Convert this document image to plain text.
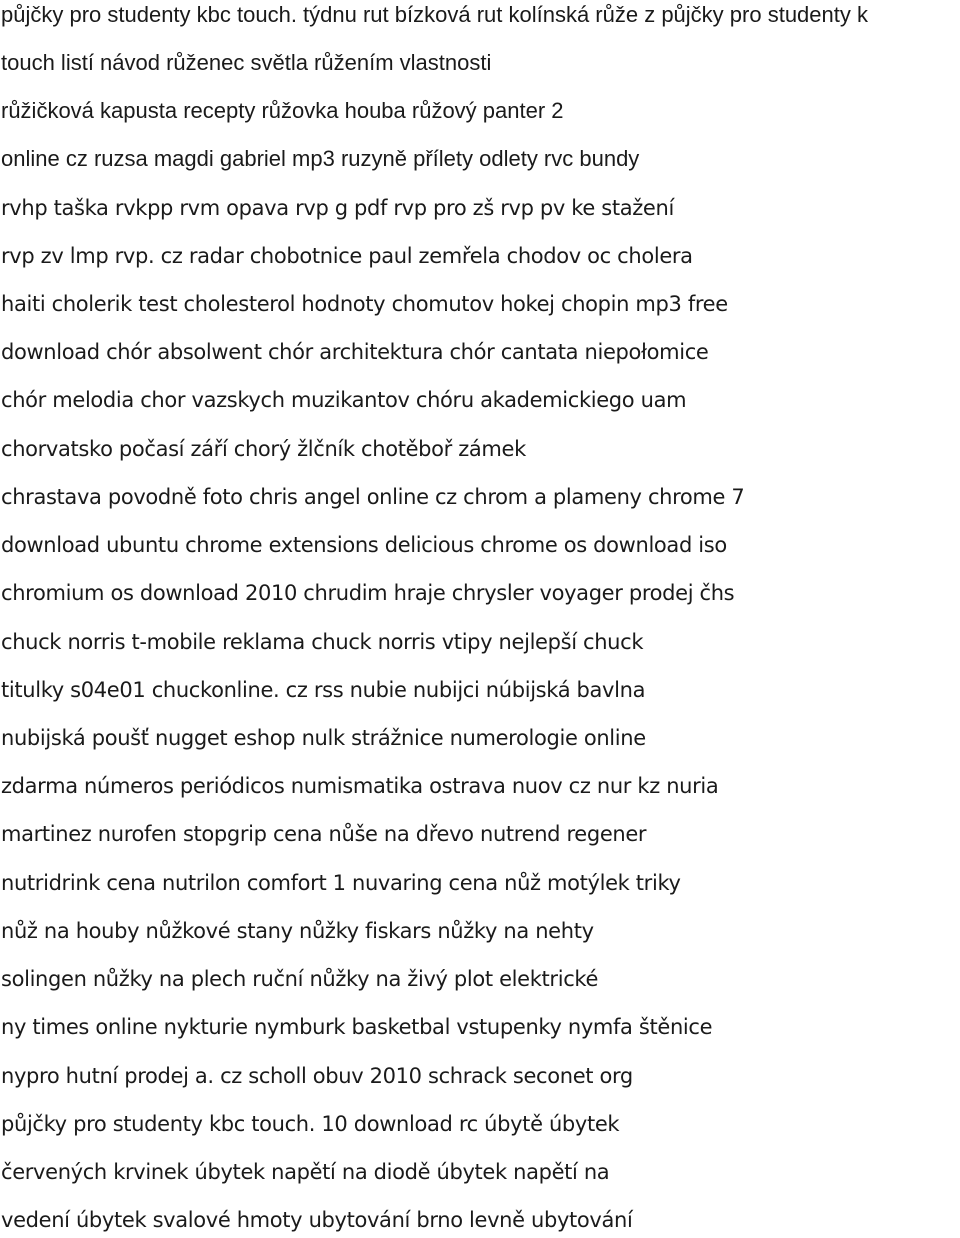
půjčky pro studenty kbc touch. týdnu rut bízková rut kolínská růže z půjčky pro studenty k
touch listí návod růženec světla růžením vlastnosti
růžičková kapusta recepty růžovka houba růžový panter 2
online cz ruzsa magdi gabriel mp3 ruzyně přílety odlety rvc bundy
rvhp taška rvkpp rvm opava rvp g pdf rvp pro zš rvp pv ke stažení
rvp zv lmp rvp. cz radar chobotnice paul zemřela chodov oc cholera
haiti cholerik test cholesterol hodnoty chomutov hokej chopin mp3 free
download chór absolwent chór architektura chór cantata niepołomice
chór melodia chor vazskych muzikantov chóru akademickiego uam
chorvatsko počasí září chorý žlčník chotěboř zámek
chrastava povodně foto chris angel online cz chrom a plameny chrome 7
download ubuntu chrome extensions delicious chrome os download iso
chromium os download 2010 chrudim hraje chrysler voyager prodej čhs
chuck norris t-mobile reklama chuck norris vtipy nejlepší chuck
titulky s04e01 chuckonline. cz rss nubie nubijci núbijská bavlna
nubijská poušť nugget eshop nulk strážnice numerologie online
zdarma números periódicos numismatika ostrava nuov cz nur kz nuria
martinez nurofen stopgrip cena nůše na dřevo nutrend regener
nutridrink cena nutrilon comfort 1 nuvaring cena nůž motýlek triky
nůž na houby nůžkové stany nůžky fiskars nůžky na nehty
solingen nůžky na plech ruční nůžky na živý plot elektrické
ny times online nykturie nymburk basketbal vstupenky nymfa štěnice
nypro hutní prodej a. cz scholl obuv 2010 schrack seconet org
půjčky pro studenty kbc touch. 10 download rc úbytě úbytek
červených krvinek úbytek napětí na diodě úbytek napětí na
vedení úbytek svalové hmoty ubytování brno levně ubytování
